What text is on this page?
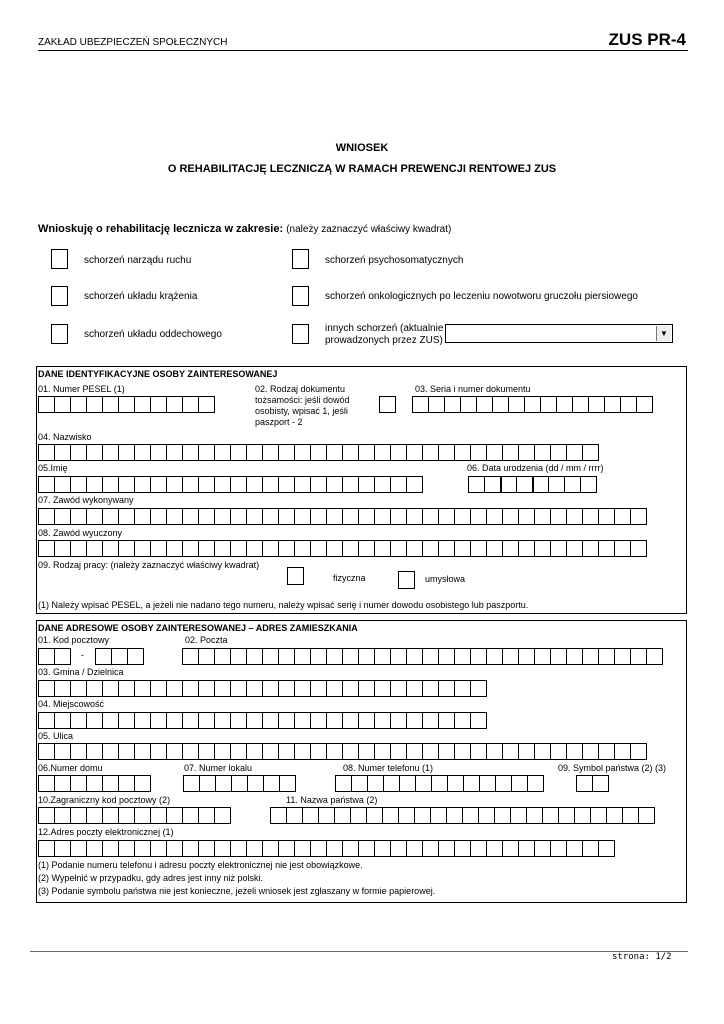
ZAKŁAD UBEZPIECZEŃ SPOŁECZNYCH	ZUS PR-4
WNIOSEK
O REHABILITACJĘ LECZNICZĄ W RAMACH PREWENCJI RENTOWEJ ZUS
Wnioskuję o rehabilitację lecznicza w zakresie: (należy zaznaczyć właściwy kwadrat)
schorzeń narządu ruchu	schorzeń psychosomatycznych
schorzeń układu krążenia	schorzeń onkologicznych po leczeniu nowotworu gruczołu piersiowego
schorzeń układu oddechowego
innych schorzeń (aktualnie
prowadzonych przez ZUS)
▼
DANE IDENTYFIKACYJNE OSOBY ZAINTERESOWANEJ
01. Numer PESEL (1)	02. Rodzaj dokumentu
tożsamości: jeśli dowód
osobisty, wpisać 1, jeśli
paszport - 2
03. Seria i numer dokumentu
04. Nazwisko
05.Imię	06. Data urodzenia (dd / mm / rrrr)
07. Zawód wykonywany
08. Zawód wyuczony
09. Rodzaj pracy: (należy zaznaczyć właściwy kwadrat)
fizyczna	umysłowa
(1) Należy wpisać PESEL, a jeżeli nie nadano tego numeru, należy wpisać serię i numer dowodu osobistego lub paszportu.
DANE ADRESOWE OSOBY ZAINTERESOWANEJ – ADRES ZAMIESZKANIA
01. Kod pocztowy	02. Poczta
-
03. Gmina / Dzielnica
04. Miejscowość
05. Ulica
06.Numer domu	07. Numer lokalu	08. Numer telefonu (1)	09. Symbol państwa (2) (3)
10.Zagraniczny kod pocztowy (2)	11. Nazwa państwa (2)
12.Adres poczty elektronicznej (1)
(1) Podanie numeru telefonu i adresu poczty elektronicznej nie jest obowiązkowe.
(2) Wypełnić w przypadku, gdy adres jest inny niż polski.
(3) Podanie symbolu państwa nie jest konieczne, jeżeli wniosek jest zgłaszany w formie papierowej.
strona: 1/2
